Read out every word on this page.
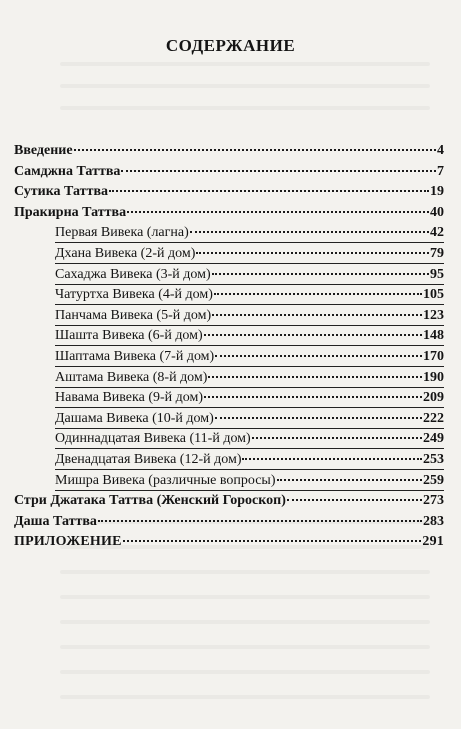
СОДЕРЖАНИЕ
Введение	4
Самджна Таттва	7
Сутика Таттва	19
Пракирна Таттва	40
Первая Вивека (лагна)	42
Дхана Вивека (2-й дом)	79
Сахаджа Вивека (3-й дом)	95
Чатуртха Вивека (4-й дом)	105
Панчама Вивека (5-й дом)	123
Шашта Вивека (6-й дом)	148
Шаптама Вивека (7-й дом)	170
Аштама Вивека (8-й дом)	190
Навама Вивека (9-й дом)	209
Дашама Вивека (10-й дом)	222
Одиннадцатая Вивека (11-й дом)	249
Двенадцатая Вивека (12-й дом)	253
Мишра Вивека (различные вопросы)	259
Стри Джатака Таттва (Женский Гороскоп)	273
Даша Таттва	283
ПРИЛОЖЕНИЕ	291
